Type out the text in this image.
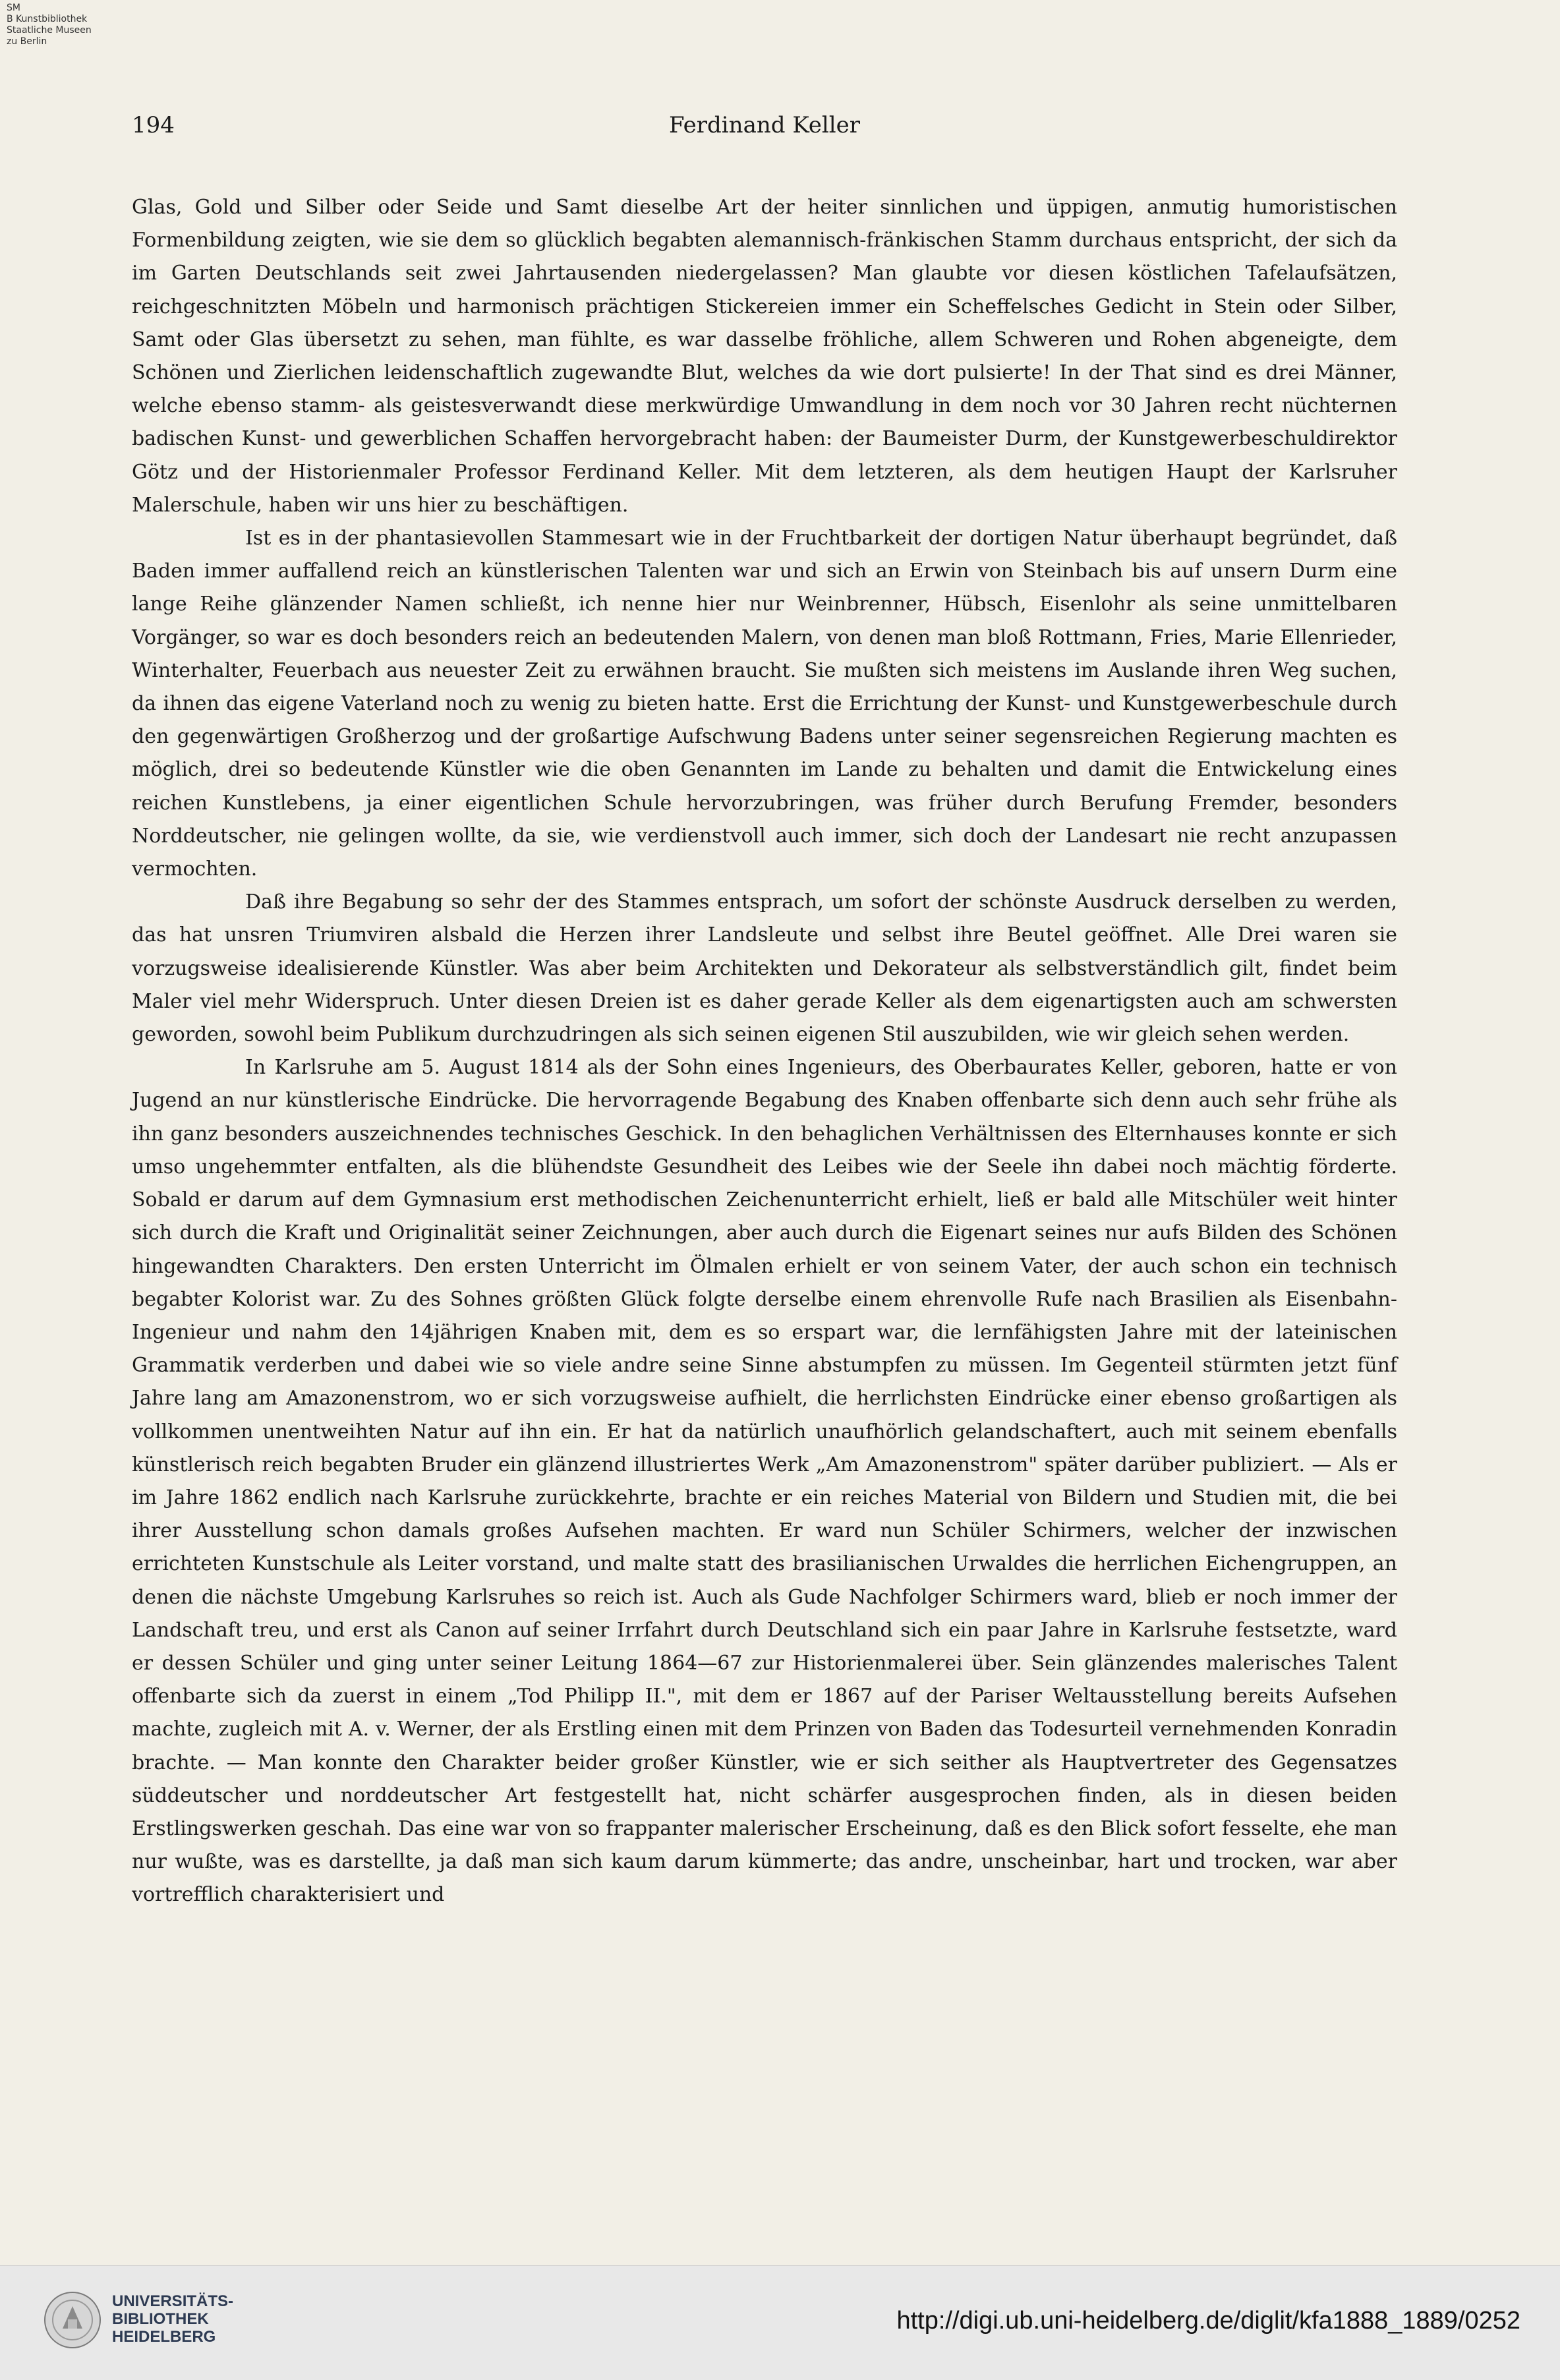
SM
B Kunstbibliothek
Staatliche Museen
zu Berlin
194	Ferdinand Keller

Glas, Gold und Silber oder Seide und Samt dieselbe Art der heiter sinnlichen und üppigen, anmutig humoristischen Formenbildung zeigten, wie sie dem so glücklich begabten alemannisch-fränkischen Stamm durchaus entspricht, der sich da im Garten Deutschlands seit zwei Jahrtausenden niedergelassen? Man glaubte vor diesen köstlichen Tafelaufsätzen, reichgeschnitzten Möbeln und harmonisch prächtigen Stickereien immer ein Scheffelsches Gedicht in Stein oder Silber, Samt oder Glas übersetzt zu sehen, man fühlte, es war dasselbe fröhliche, allem Schweren und Rohen abgeneigte, dem Schönen und Zierlichen leidenschaftlich zugewandte Blut, welches da wie dort pulsierte! In der That sind es drei Männer, welche ebenso stamm- als geistesverwandt diese merkwürdige Umwandlung in dem noch vor 30 Jahren recht nüchternen badischen Kunst- und gewerblichen Schaffen hervorgebracht haben: der Baumeister Durm, der Kunstgewerbeschuldirektor Götz und der Historienmaler Professor Ferdinand Keller. Mit dem letzteren, als dem heutigen Haupt der Karlsruher Malerschule, haben wir uns hier zu beschäftigen.

Ist es in der phantasievollen Stammesart wie in der Fruchtbarkeit der dortigen Natur überhaupt begründet, daß Baden immer auffallend reich an künstlerischen Talenten war und sich an Erwin von Steinbach bis auf unsern Durm eine lange Reihe glänzender Namen schließt, ich nenne hier nur Weinbrenner, Hübsch, Eisenlohr als seine unmittelbaren Vorgänger, so war es doch besonders reich an bedeutenden Malern, von denen man bloß Rottmann, Fries, Marie Ellenrieder, Winterhalter, Feuerbach aus neuester Zeit zu erwähnen braucht. Sie mußten sich meistens im Auslande ihren Weg suchen, da ihnen das eigene Vaterland noch zu wenig zu bieten hatte. Erst die Errichtung der Kunst- und Kunstgewerbeschule durch den gegenwärtigen Großherzog und der großartige Aufschwung Badens unter seiner segensreichen Regierung machten es möglich, drei so bedeutende Künstler wie die oben Genannten im Lande zu behalten und damit die Entwickelung eines reichen Kunstlebens, ja einer eigentlichen Schule hervorzubringen, was früher durch Berufung Fremder, besonders Norddeutscher, nie gelingen wollte, da sie, wie verdienstvoll auch immer, sich doch der Landesart nie recht anzupassen vermochten.

Daß ihre Begabung so sehr der des Stammes entsprach, um sofort der schönste Ausdruck derselben zu werden, das hat unsren Triumviren alsbald die Herzen ihrer Landsleute und selbst ihre Beutel geöffnet. Alle Drei waren sie vorzugsweise idealisierende Künstler. Was aber beim Architekten und Dekorateur als selbstverständlich gilt, findet beim Maler viel mehr Widerspruch. Unter diesen Dreien ist es daher gerade Keller als dem eigenartigsten auch am schwersten geworden, sowohl beim Publikum durchzudringen als sich seinen eigenen Stil auszubilden, wie wir gleich sehen werden.

In Karlsruhe am 5. August 1814 als der Sohn eines Ingenieurs, des Oberbaurates Keller, geboren, hatte er von Jugend an nur künstlerische Eindrücke. Die hervorragende Begabung des Knaben offenbarte sich denn auch sehr frühe als ihn ganz besonders auszeichnendes technisches Geschick. In den behaglichen Verhältnissen des Elternhauses konnte er sich umso ungehemmter entfalten, als die blühendste Gesundheit des Leibes wie der Seele ihn dabei noch mächtig förderte. Sobald er darum auf dem Gymnasium erst methodischen Zeichenunterricht erhielt, ließ er bald alle Mitschüler weit hinter sich durch die Kraft und Originalität seiner Zeichnungen, aber auch durch die Eigenart seines nur aufs Bilden des Schönen hingewandten Charakters. Den ersten Unterricht im Ölmalen erhielt er von seinem Vater, der auch schon ein technisch begabter Kolorist war. Zu des Sohnes größten Glück folgte derselbe einem ehrenvolle Rufe nach Brasilien als Eisenbahn-Ingenieur und nahm den 14jährigen Knaben mit, dem es so erspart war, die lernfähigsten Jahre mit der lateinischen Grammatik verderben und dabei wie so viele andre seine Sinne abstumpfen zu müssen. Im Gegenteil stürmten jetzt fünf Jahre lang am Amazonenstrom, wo er sich vorzugsweise aufhielt, die herrlichsten Eindrücke einer ebenso großartigen als vollkommen unentweihten Natur auf ihn ein. Er hat da natürlich unaufhörlich gelandschaftert, auch mit seinem ebenfalls künstlerisch reich begabten Bruder ein glänzend illustriertes Werk „Am Amazonenstrom" später darüber publiziert. — Als er im Jahre 1862 endlich nach Karlsruhe zurückkehrte, brachte er ein reiches Material von Bildern und Studien mit, die bei ihrer Ausstellung schon damals großes Aufsehen machten. Er ward nun Schüler Schirmers, welcher der inzwischen errichteten Kunstschule als Leiter vorstand, und malte statt des brasilianischen Urwaldes die herrlichen Eichengruppen, an denen die nächste Umgebung Karlsruhes so reich ist. Auch als Gude Nachfolger Schirmers ward, blieb er noch immer der Landschaft treu, und erst als Canon auf seiner Irrfahrt durch Deutschland sich ein paar Jahre in Karlsruhe festsetzte, ward er dessen Schüler und ging unter seiner Leitung 1864—67 zur Historienmalerei über. Sein glänzendes malerisches Talent offenbarte sich da zuerst in einem „Tod Philipp II.", mit dem er 1867 auf der Pariser Weltausstellung bereits Aufsehen machte, zugleich mit A. v. Werner, der als Erstling einen mit dem Prinzen von Baden das Todesurteil vernehmenden Konradin brachte. — Man konnte den Charakter beider großer Künstler, wie er sich seither als Hauptvertreter des Gegensatzes süddeutscher und norddeutscher Art festgestellt hat, nicht schärfer ausgesprochen finden, als in diesen beiden Erstlingswerken geschah. Das eine war von so frappanter malerischer Erscheinung, daß es den Blick sofort fesselte, ehe man nur wußte, was es darstellte, ja daß man sich kaum darum kümmerte; das andre, unscheinbar, hart und trocken, war aber vortrefflich charakterisiert und

UNIVERSITÄTS-
BIBLIOTHEK
HEIDELBERG
http://digi.ub.uni-heidelberg.de/diglit/kfa1888_1889/0252
